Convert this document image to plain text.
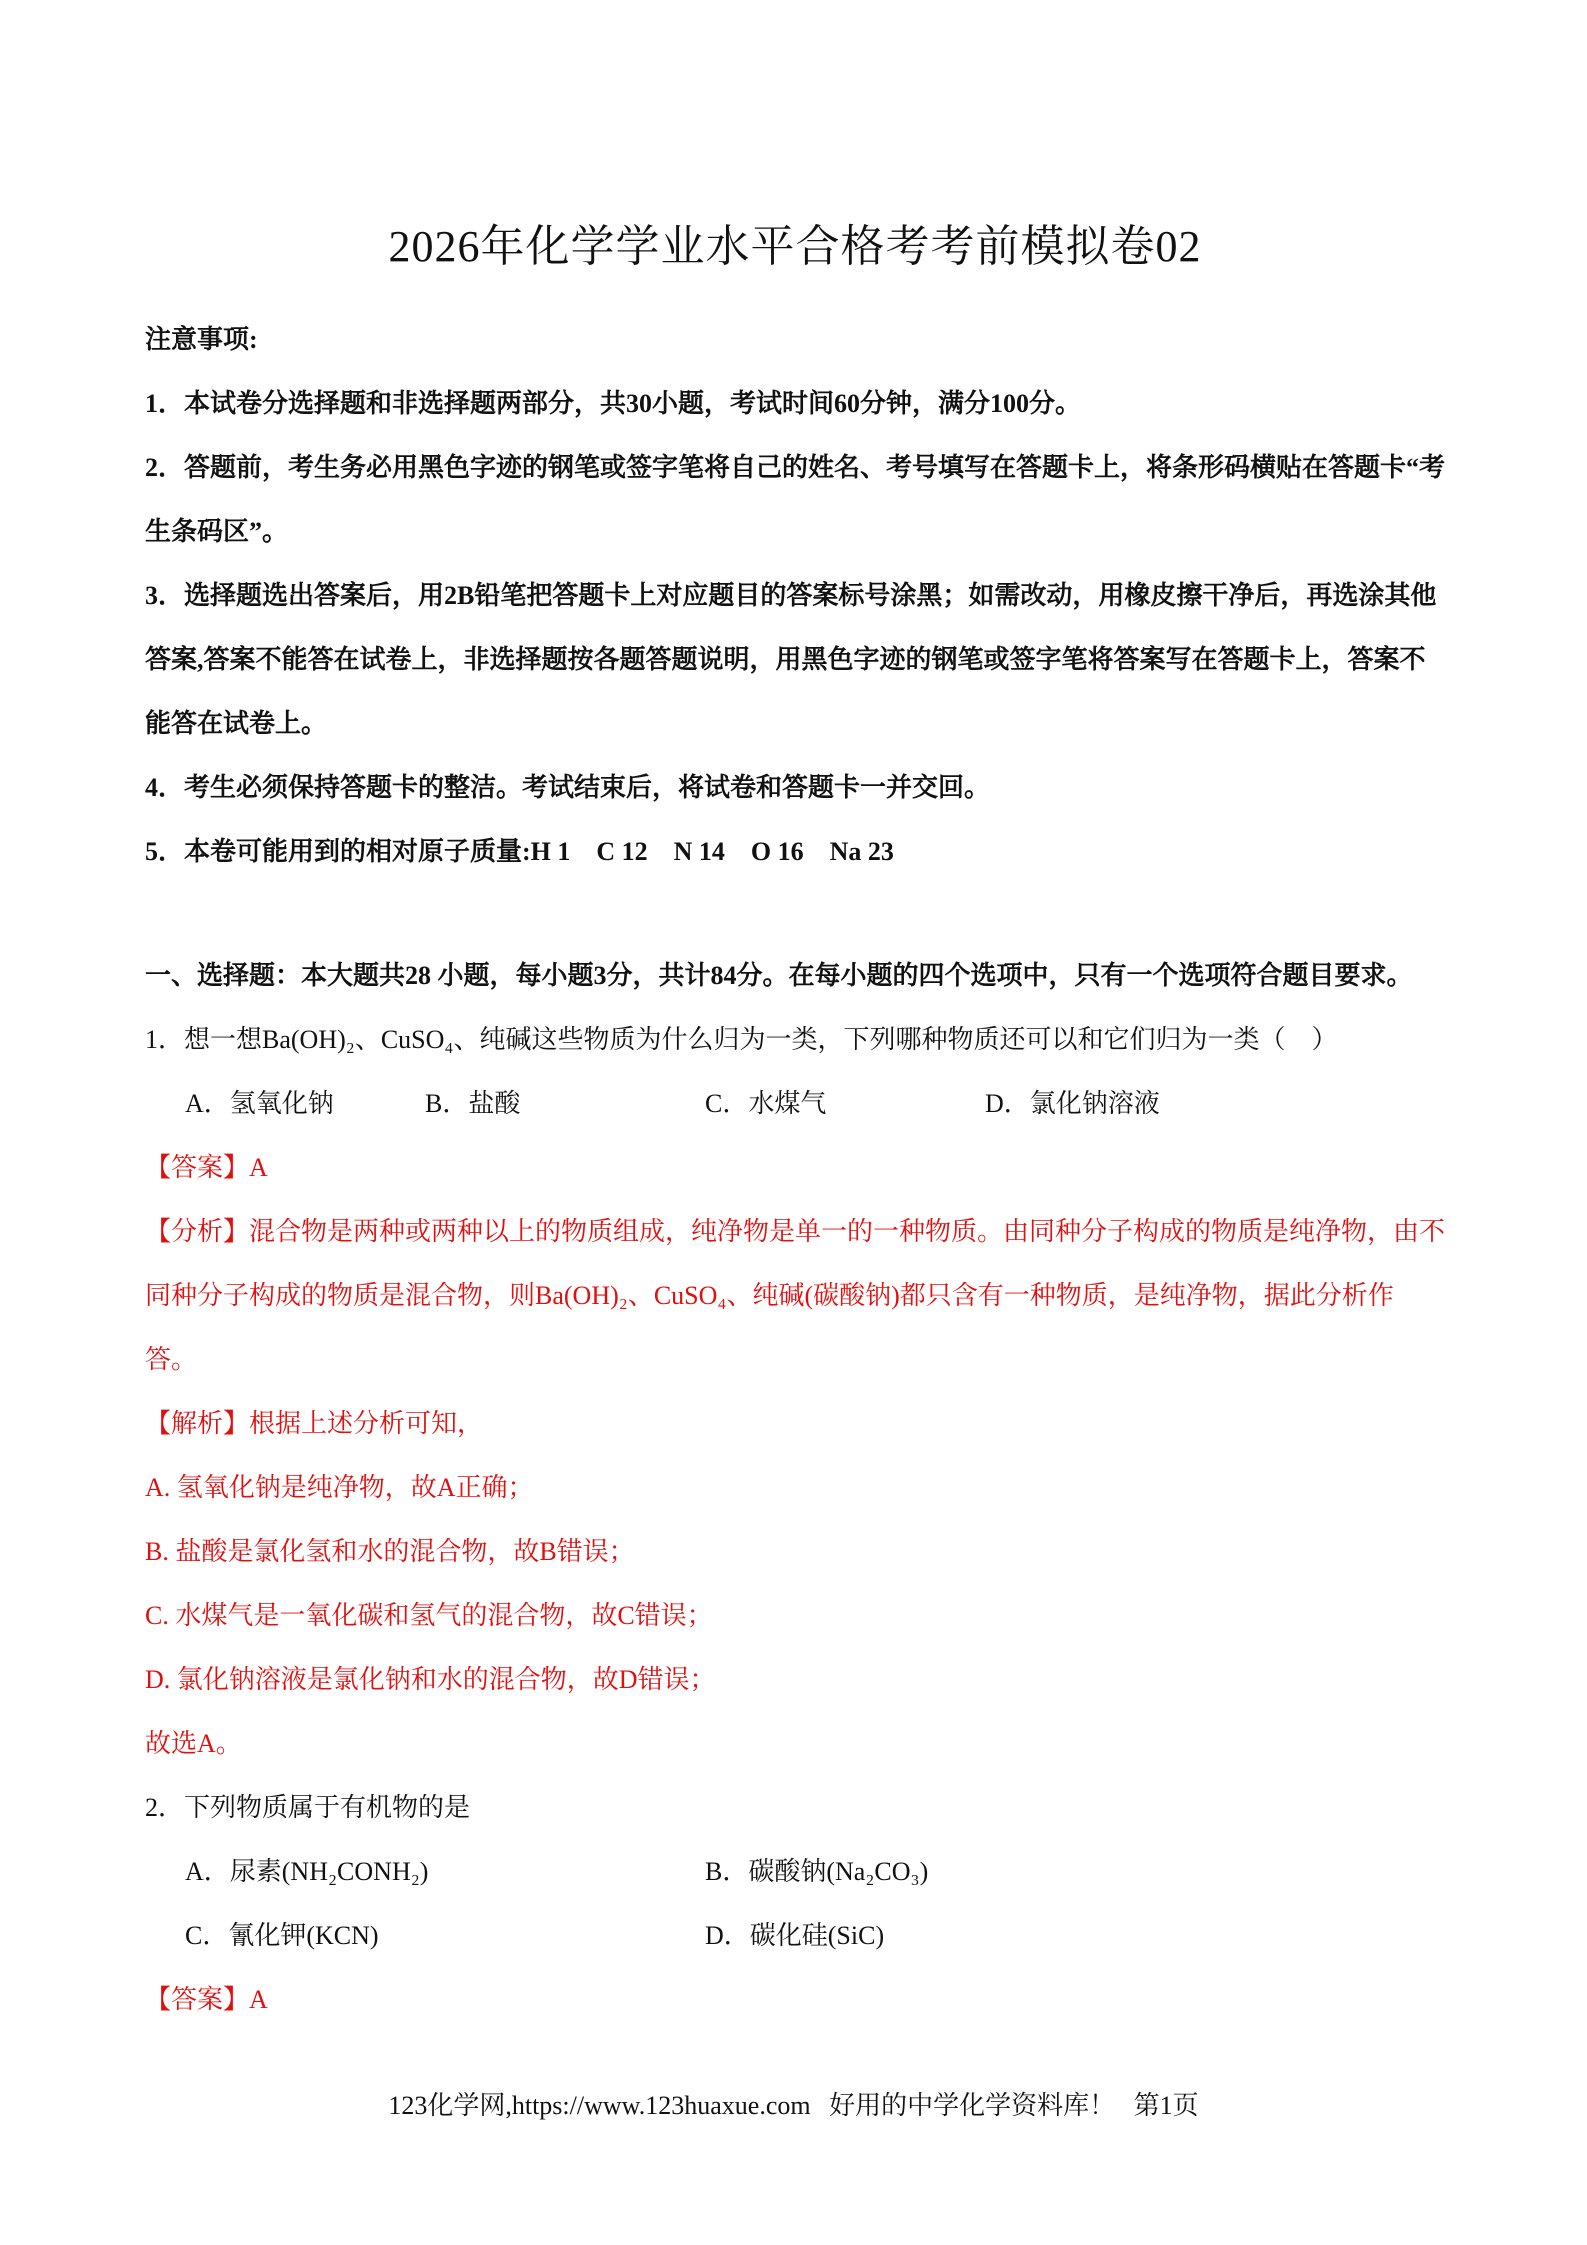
2026年化学学业水平合格考考前模拟卷02

注意事项:

1．本试卷分选择题和非选择题两部分，共30小题，考试时间60分钟，满分100分。

2．答题前，考生务必用黑色字迹的钢笔或签字笔将自己的姓名、考号填写在答题卡上，将条形码横贴在答题卡“考生条码区”。

3．选择题选出答案后，用2B铅笔把答题卡上对应题目的答案标号涂黑；如需改动，用橡皮擦干净后，再选涂其他答案,答案不能答在试卷上，非选择题按各题答题说明，用黑色字迹的钢笔或签字笔将答案写在答题卡上，答案不能答在试卷上。

4．考生必须保持答题卡的整洁。考试结束后，将试卷和答题卡一并交回。

5．本卷可能用到的相对原子质量:H 1　C 12　N 14　O 16　Na 23

一、选择题：本大题共28 小题，每小题3分，共计84分。在每小题的四个选项中，只有一个选项符合题目要求。

1．想一想Ba(OH)₂、CuSO₄、纯碱这些物质为什么归为一类，下列哪种物质还可以和它们归为一类（　）

A．氢氧化钠	B．盐酸	C．水煤气	D．氯化钠溶液

【答案】A

【分析】混合物是两种或两种以上的物质组成，纯净物是单一的一种物质。由同种分子构成的物质是纯净物，由不同种分子构成的物质是混合物，则Ba(OH)₂、CuSO₄、纯碱(碳酸钠)都只含有一种物质，是纯净物，据此分析作答。

【解析】根据上述分析可知，

A. 氢氧化钠是纯净物，故A正确；

B. 盐酸是氯化氢和水的混合物，故B错误；

C. 水煤气是一氧化碳和氢气的混合物，故C错误；

D. 氯化钠溶液是氯化钠和水的混合物，故D错误；

故选A。

2．下列物质属于有机物的是

A．尿素(NH₂CONH₂)	B．碳酸钠(Na₂CO₃)
C．氰化钾(KCN)	D．碳化硅(SiC)

【答案】A

123化学网,https://www.123huaxue.com 好用的中学化学资料库！ 第1页
